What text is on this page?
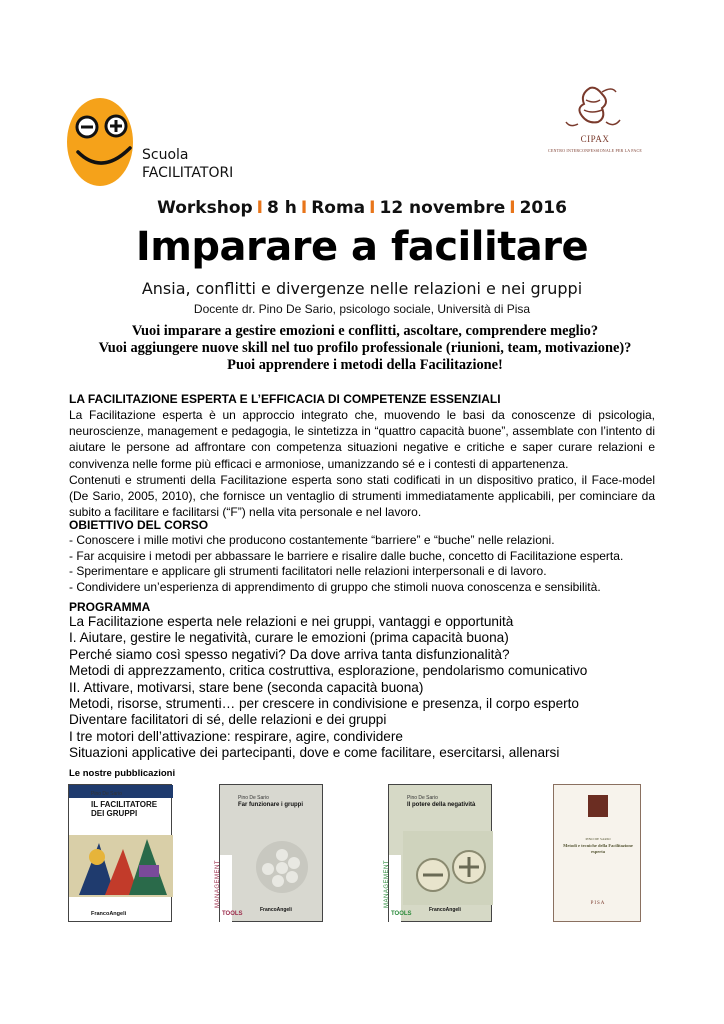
Scuola
FACILITATORI
CIPAX
CENTRO INTERCONFESSIONALE PER LA PACE
Workshop I 8 h I Roma I 12 novembre I 2016
Imparare a facilitare
Ansia, conflitti e divergenze nelle relazioni e nei gruppi
Docente dr. Pino De Sario, psicologo sociale, Università di Pisa
Vuoi imparare a gestire emozioni e conflitti, ascoltare, comprendere meglio?
Vuoi aggiungere nuove skill nel tuo profilo professionale (riunioni, team, motivazione)?
Puoi apprendere i metodi della Facilitazione!
LA FACILITAZIONE ESPERTA E L’EFFICACIA DI COMPETENZE ESSENZIALI
La Facilitazione esperta è un approccio integrato che, muovendo le basi da conoscenze di psicologia, neuroscienze, management e pedagogia, le sintetizza in “quattro capacità buone”, assemblate con l’intento di aiutare le persone ad affrontare con competenza situazioni negative e critiche e saper curare relazioni e convivenza nelle forme più efficaci e armoniose, umanizzando sé e i contesti di appartenenza.
Contenuti e strumenti della Facilitazione esperta sono stati codificati in un dispositivo pratico, il Face-model (De Sario, 2005, 2010), che fornisce un ventaglio di strumenti immediatamente applicabili, per cominciare da subito a facilitare e facilitarsi (“F”) nella vita personale e nel lavoro.
OBIETTIVO DEL CORSO
- Conoscere i mille motivi che producono costantemente “barriere” e “buche” nelle relazioni.
- Far acquisire i metodi per abbassare le barriere e risalire dalle buche, concetto di Facilitazione esperta.
- Sperimentare e applicare gli strumenti facilitatori nelle relazioni interpersonali e di lavoro.
- Condividere un’esperienza di apprendimento di gruppo che stimoli nuova conoscenza e sensibilità.
PROGRAMMA
La Facilitazione esperta nele relazioni e nei gruppi, vantaggi e opportunità
I. Aiutare, gestire le negatività, curare le emozioni (prima capacità buona)
Perché siamo così spesso negativi? Da dove arriva tanta disfunzionalità?
Metodi di apprezzamento, critica costruttiva, esplorazione, pendolarismo comunicativo
II. Attivare, motivarsi, stare bene (seconda capacità buona)
Metodi, risorse, strumenti… per crescere in condivisione e presenza, il corpo esperto
Diventare facilitatori di sé, delle relazioni e dei gruppi
I tre motori dell’attivazione: respirare, agire, condividere
Situazioni applicative dei partecipanti, dove e come facilitare, esercitarsi, allenarsi
Le nostre pubblicazioni
Pino De Sario
IL FACILITATORE DEI GRUPPI
FrancoAngeli
Pino De Sario
Far funzionare i gruppi
MANAGEMENT
TOOLS
FrancoAngeli
Pino De Sario
Il potere della negatività
MANAGEMENT
TOOLS
FrancoAngeli
PINO DE SARIO
Metodi e tecniche della Facilitazione esperta
PISA
